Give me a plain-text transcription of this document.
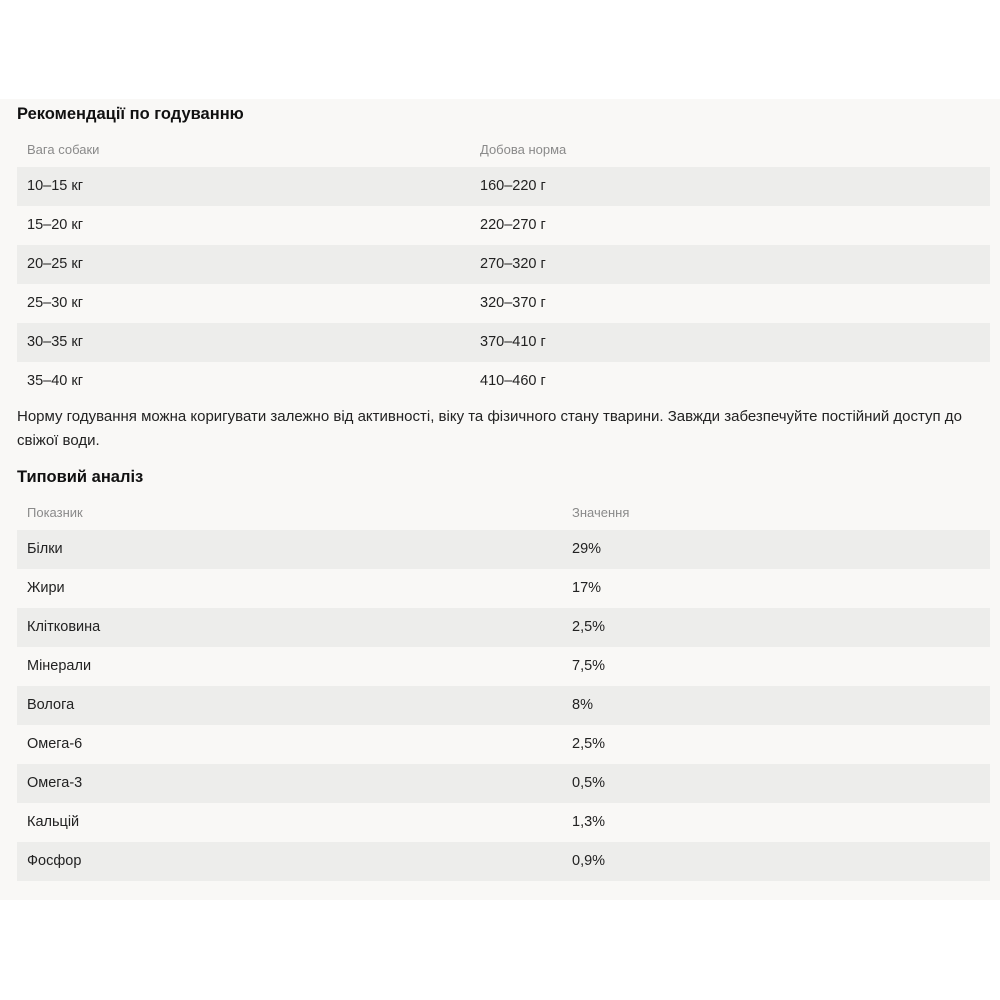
Рекомендації по годуванню
Вага собаки	Добова норма
10–15 кг	160–220 г
15–20 кг	220–270 г
20–25 кг	270–320 г
25–30 кг	320–370 г
30–35 кг	370–410 г
35–40 кг	410–460 г

Норму годування можна коригувати залежно від активності, віку та фізичного стану тварини. Завжди забезпечуйте постійний доступ до свіжої води.

Типовий аналіз
Показник	Значення
Білки	29%
Жири	17%
Клітковина	2,5%
Мінерали	7,5%
Волога	8%
Омега-6	2,5%
Омега-3	0,5%
Кальцій	1,3%
Фосфор	0,9%
